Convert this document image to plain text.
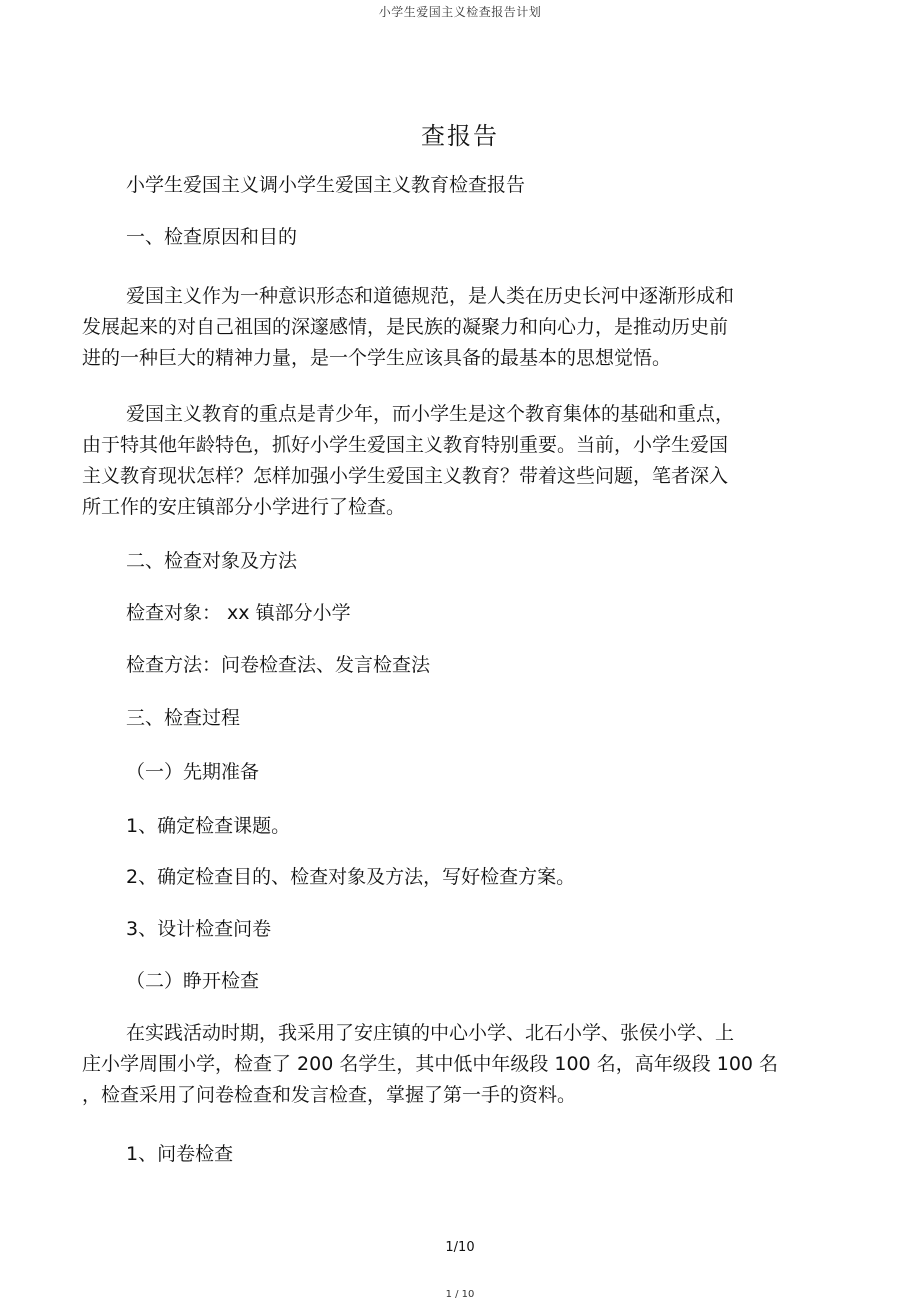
小学生爱国主义检查报告计划
查报告
小学生爱国主义调小学生爱国主义教育检查报告
一、检查原因和目的
爱国主义作为一种意识形态和道德规范，是人类在历史长河中逐渐形成和
发展起来的对自己祖国的深邃感情，是民族的凝聚力和向心力，是推动历史前
进的一种巨大的精神力量，是一个学生应该具备的最基本的思想觉悟。
爱国主义教育的重点是青少年，而小学生是这个教育集体的基础和重点，
由于特其他年龄特色，抓好小学生爱国主义教育特别重要。当前，小学生爱国
主义教育现状怎样？怎样加强小学生爱国主义教育？带着这些问题，笔者深入
所工作的安庄镇部分小学进行了检查。
二、检查对象及方法
检查对象： xx 镇部分小学
检查方法：问卷检查法、发言检查法
三、检查过程
（一）先期准备
1、确定检查课题。
2、确定检查目的、检查对象及方法，写好检查方案。
3、设计检查问卷
（二）睁开检查
在实践活动时期，我采用了安庄镇的中心小学、北石小学、张侯小学、上
庄小学周围小学，检查了 200 名学生，其中低中年级段 100 名，高年级段 100 名
，检查采用了问卷检查和发言检查，掌握了第一手的资料。
1、问卷检查
1/10
1 / 10
